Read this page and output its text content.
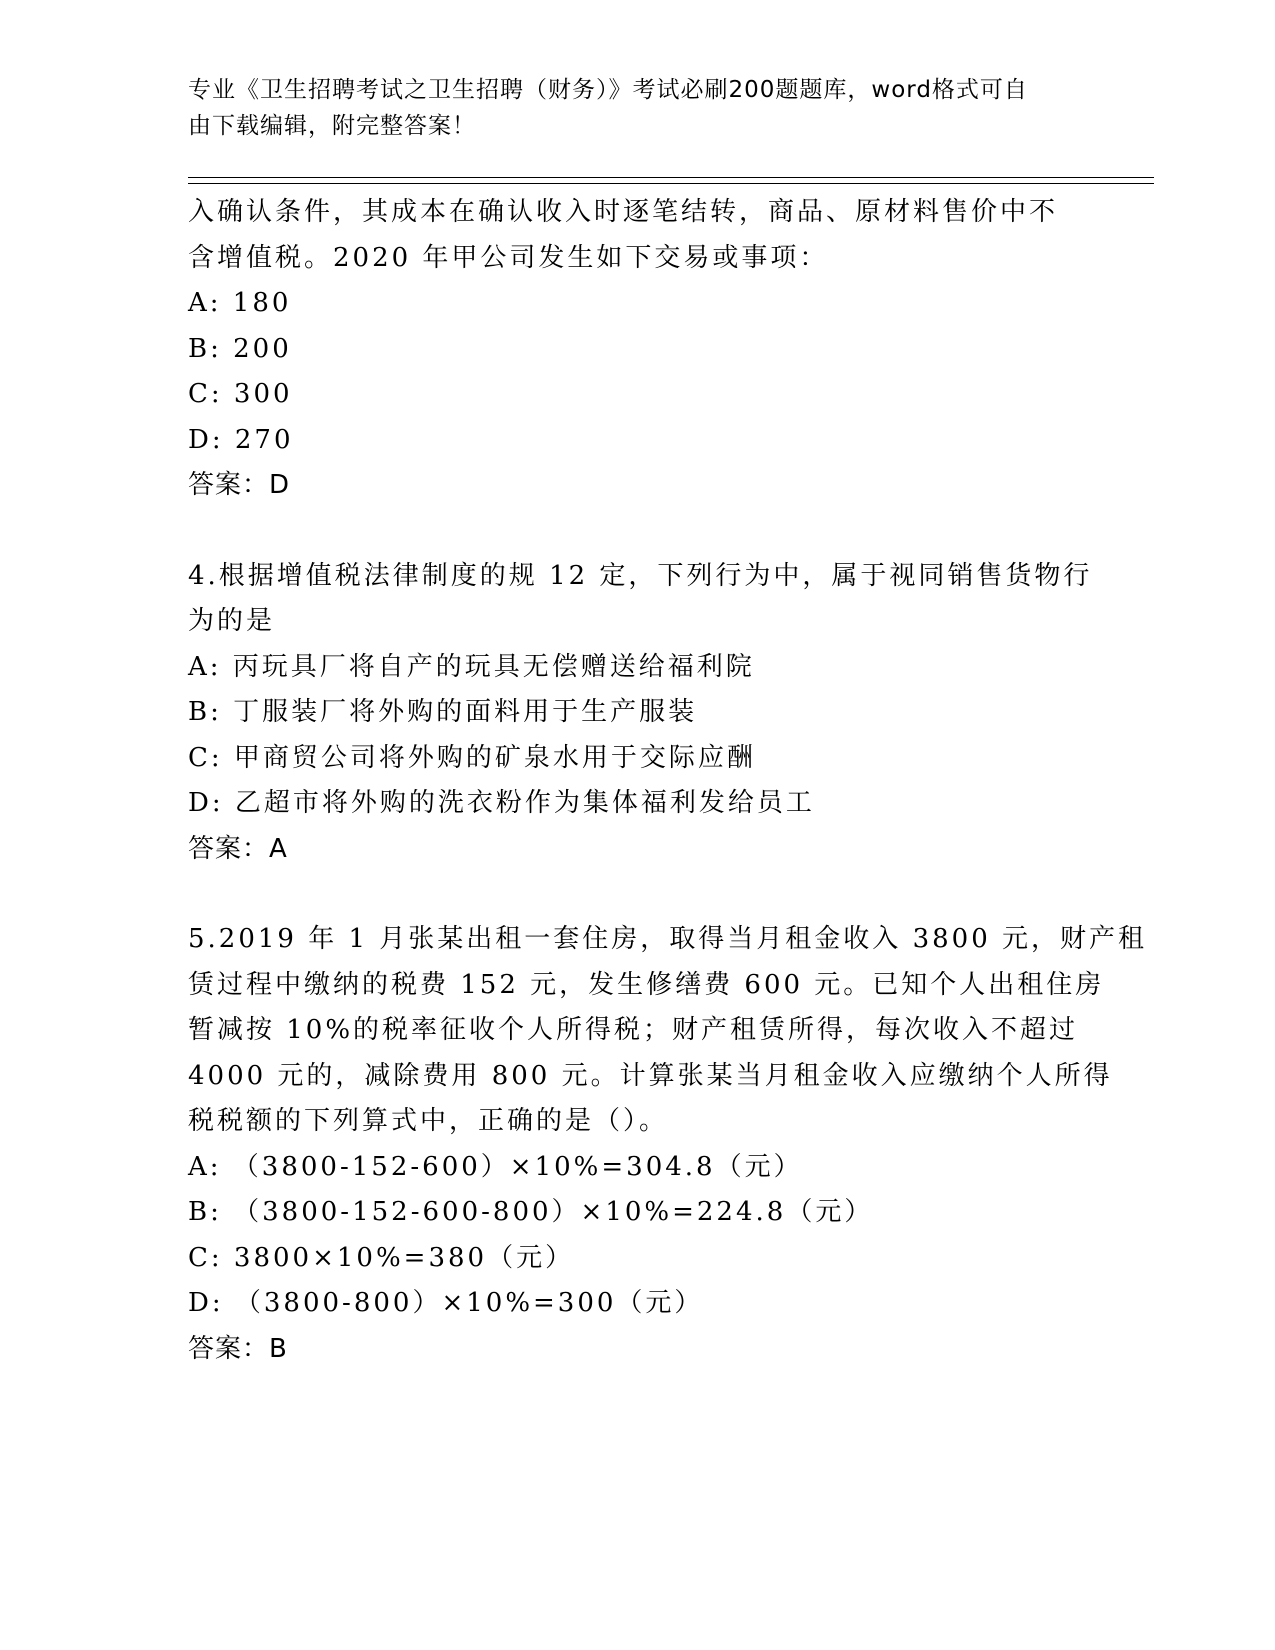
专业《卫生招聘考试之卫生招聘（财务）》考试必刷200题题库，word格式可自
由下载编辑，附完整答案！
入确认条件，其成本在确认收入时逐笔结转，商品、原材料售价中不
含增值税。2020 年甲公司发生如下交易或事项：
A: 180
B: 200
C: 300
D: 270
答案：D
4.根据增值税法律制度的规 12 定，下列行为中，属于视同销售货物行
为的是
A: 丙玩具厂将自产的玩具无偿赠送给福利院
B: 丁服装厂将外购的面料用于生产服装
C: 甲商贸公司将外购的矿泉水用于交际应酬
D: 乙超市将外购的洗衣粉作为集体福利发给员工
答案：A
5.2019 年 1 月张某出租一套住房，取得当月租金收入 3800 元，财产租
赁过程中缴纳的税费 152 元，发生修缮费 600 元。已知个人出租住房
暂减按 10%的税率征收个人所得税；财产租赁所得，每次收入不超过
4000 元的，减除费用 800 元。计算张某当月租金收入应缴纳个人所得
税税额的下列算式中，正确的是（）。
A: （3800-152-600）×10%=304.8（元）
B: （3800-152-600-800）×10%=224.8（元）
C: 3800×10%=380（元）
D: （3800-800）×10%=300（元）
答案：B
